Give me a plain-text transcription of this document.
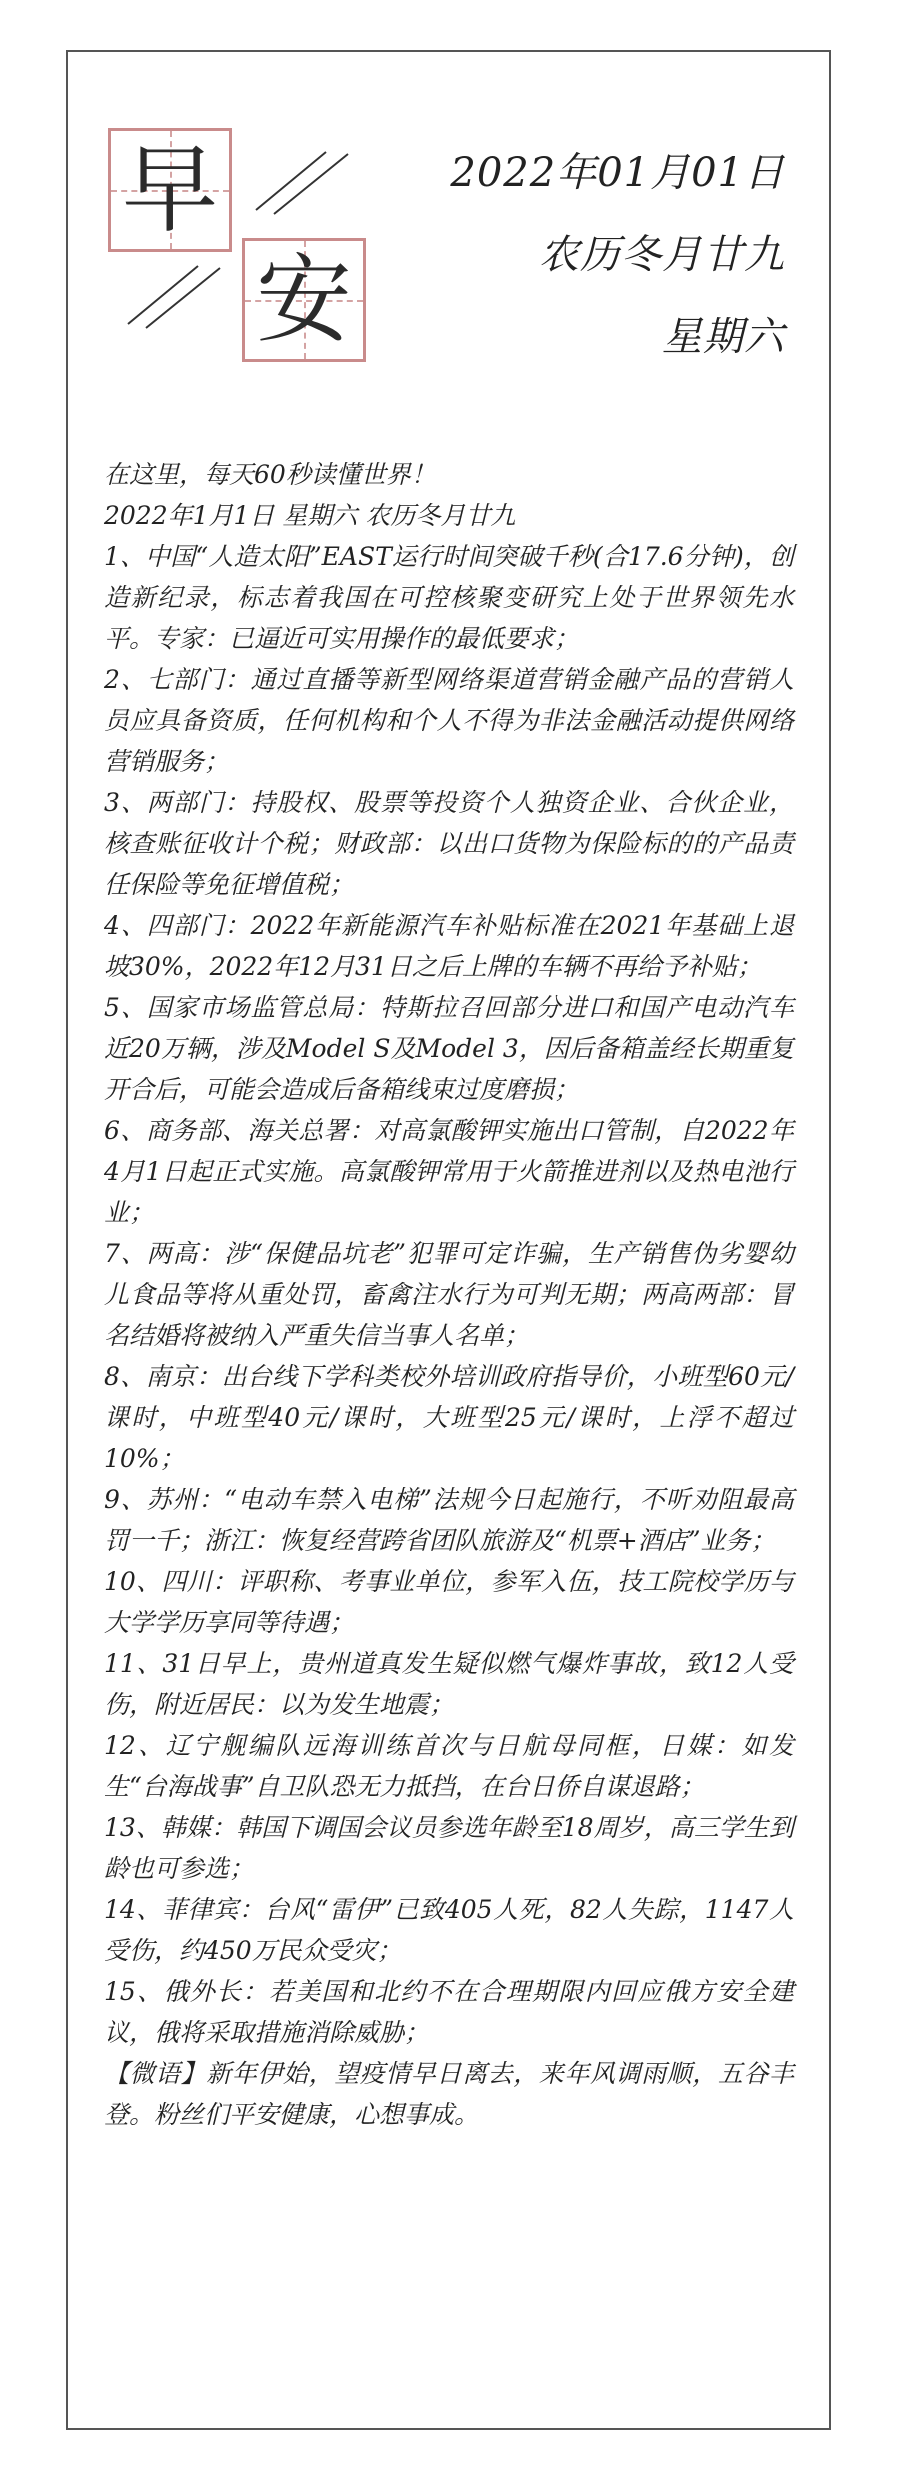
早
安
2022年01月01日
农历冬月廿九
星期六

在这里，每天60秒读懂世界！

2022年1月1日 星期六 农历冬月廿九

1、中国“人造太阳”EAST运行时间突破千秒(合17.6分钟)，创造新纪录，标志着我国在可控核聚变研究上处于世界领先水平。专家：已逼近可实用操作的最低要求；

2、七部门：通过直播等新型网络渠道营销金融产品的营销人员应具备资质，任何机构和个人不得为非法金融活动提供网络营销服务；

3、两部门：持股权、股票等投资个人独资企业、合伙企业，核查账征收计个税；财政部：以出口货物为保险标的的产品责任保险等免征增值税；

4、四部门：2022年新能源汽车补贴标准在2021年基础上退坡30%，2022年12月31日之后上牌的车辆不再给予补贴；

5、国家市场监管总局：特斯拉召回部分进口和国产电动汽车近20万辆，涉及Model S及Model 3，因后备箱盖经长期重复开合后，可能会造成后备箱线束过度磨损；

6、商务部、海关总署：对高氯酸钾实施出口管制，自2022年4月1日起正式实施。高氯酸钾常用于火箭推进剂以及热电池行业；

7、两高：涉“保健品坑老”犯罪可定诈骗，生产销售伪劣婴幼儿食品等将从重处罚，畜禽注水行为可判无期；两高两部：冒名结婚将被纳入严重失信当事人名单；

8、南京：出台线下学科类校外培训政府指导价，小班型60元/课时，中班型40元/课时，大班型25元/课时，上浮不超过10%；

9、苏州：“电动车禁入电梯”法规今日起施行，不听劝阻最高罚一千；浙江：恢复经营跨省团队旅游及“机票+酒店”业务；

10、四川：评职称、考事业单位，参军入伍，技工院校学历与大学学历享同等待遇；

11、31日早上，贵州道真发生疑似燃气爆炸事故，致12人受伤，附近居民：以为发生地震；

12、辽宁舰编队远海训练首次与日航母同框，日媒：如发生“台海战事”自卫队恐无力抵挡，在台日侨自谋退路；

13、韩媒：韩国下调国会议员参选年龄至18周岁，高三学生到龄也可参选；

14、菲律宾：台风“雷伊”已致405人死，82人失踪，1147人受伤，约450万民众受灾；

15、俄外长：若美国和北约不在合理期限内回应俄方安全建议，俄将采取措施消除威胁；

【微语】新年伊始，望疫情早日离去，来年风调雨顺，五谷丰登。粉丝们平安健康，心想事成。
